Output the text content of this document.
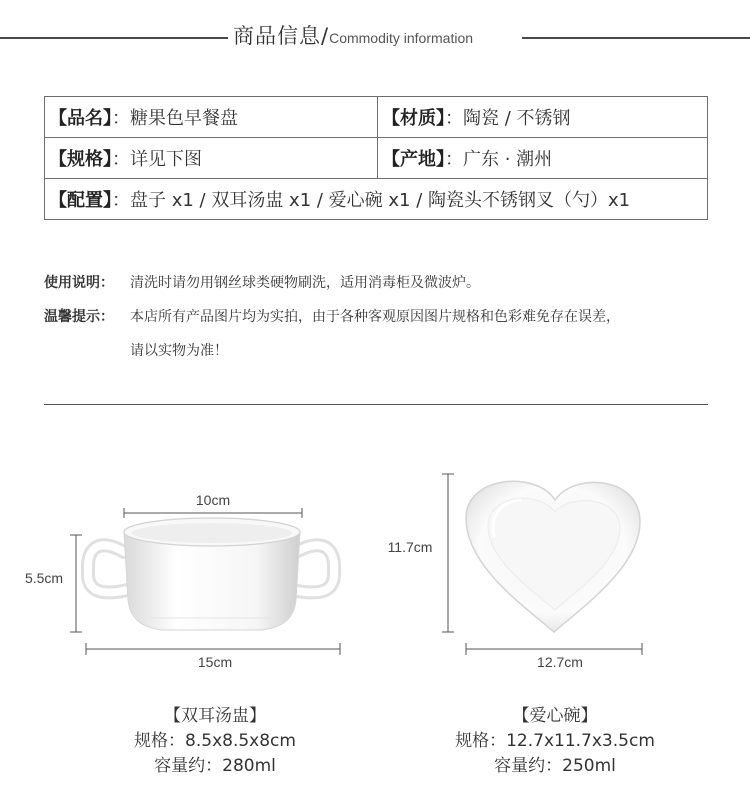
商品信息/Commodity information
【品名】：糖果色早餐盘	【材质】：陶瓷 / 不锈钢
【规格】：详见下图	【产地】：广东 · 潮州
【配置】：盘子 x1 / 双耳汤盅 x1 / 爱心碗 x1 / 陶瓷头不锈钢叉（勺）x1	
使用说明：	清洗时请勿用钢丝球类硬物刷洗，适用消毒柜及微波炉。
温馨提示：	本店所有产品图片均为实拍，由于各种客观原因图片规格和色彩难免存在误差，
请以实物为准！
10cm
5.5cm
15cm
11.7cm
12.7cm
【双耳汤盅】
规格：8.5x8.5x8cm
容量约：280ml
【爱心碗】
规格：12.7x11.7x3.5cm
容量约：250ml
